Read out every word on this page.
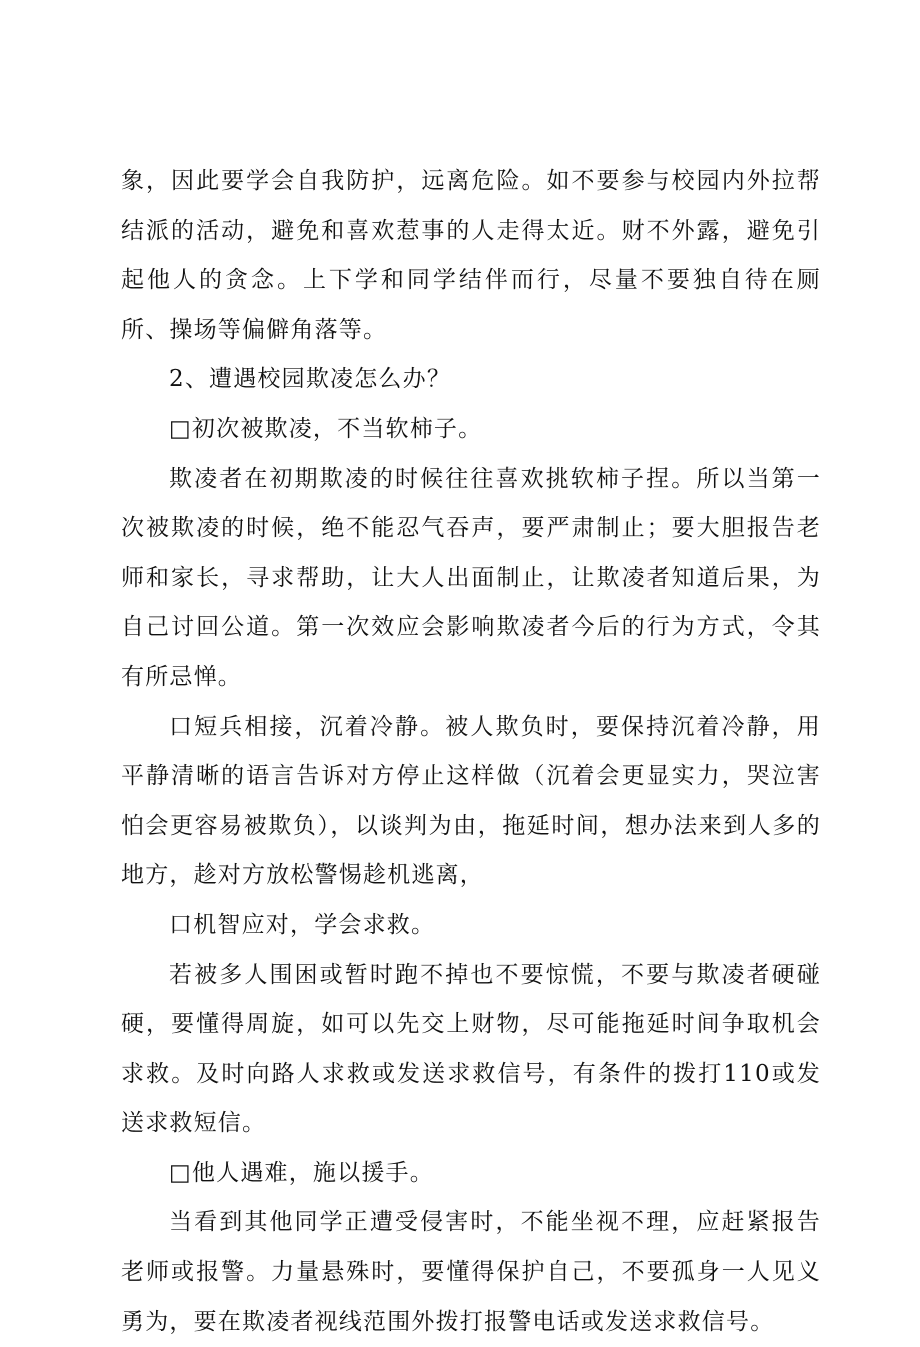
象，因此要学会自我防护，远离危险。如不要参与校园内外拉帮结派的活动，避免和喜欢惹事的人走得太近。财不外露，避免引起他人的贪念。上下学和同学结伴而行，尽量不要独自待在厕所、操场等偏僻角落等。

2、遭遇校园欺凌怎么办？

□初次被欺凌，不当软柿子。

欺凌者在初期欺凌的时候往往喜欢挑软柿子捏。所以当第一次被欺凌的时候，绝不能忍气吞声，要严肃制止；要大胆报告老师和家长，寻求帮助，让大人出面制止，让欺凌者知道后果，为自己讨回公道。第一次效应会影响欺凌者今后的行为方式，令其有所忌惮。

口短兵相接，沉着冷静。被人欺负时，要保持沉着冷静，用平静清晰的语言告诉对方停止这样做（沉着会更显实力，哭泣害怕会更容易被欺负），以谈判为由，拖延时间，想办法来到人多的地方，趁对方放松警惕趁机逃离，

口机智应对，学会求救。

若被多人围困或暂时跑不掉也不要惊慌，不要与欺凌者硬碰硬，要懂得周旋，如可以先交上财物，尽可能拖延时间争取机会求救。及时向路人求救或发送求救信号，有条件的拨打110或发送求救短信。

□他人遇难，施以援手。

当看到其他同学正遭受侵害时，不能坐视不理，应赶紧报告老师或报警。力量悬殊时，要懂得保护自己，不要孤身一人见义勇为，要在欺凌者视线范围外拨打报警电话或发送求救信号。
